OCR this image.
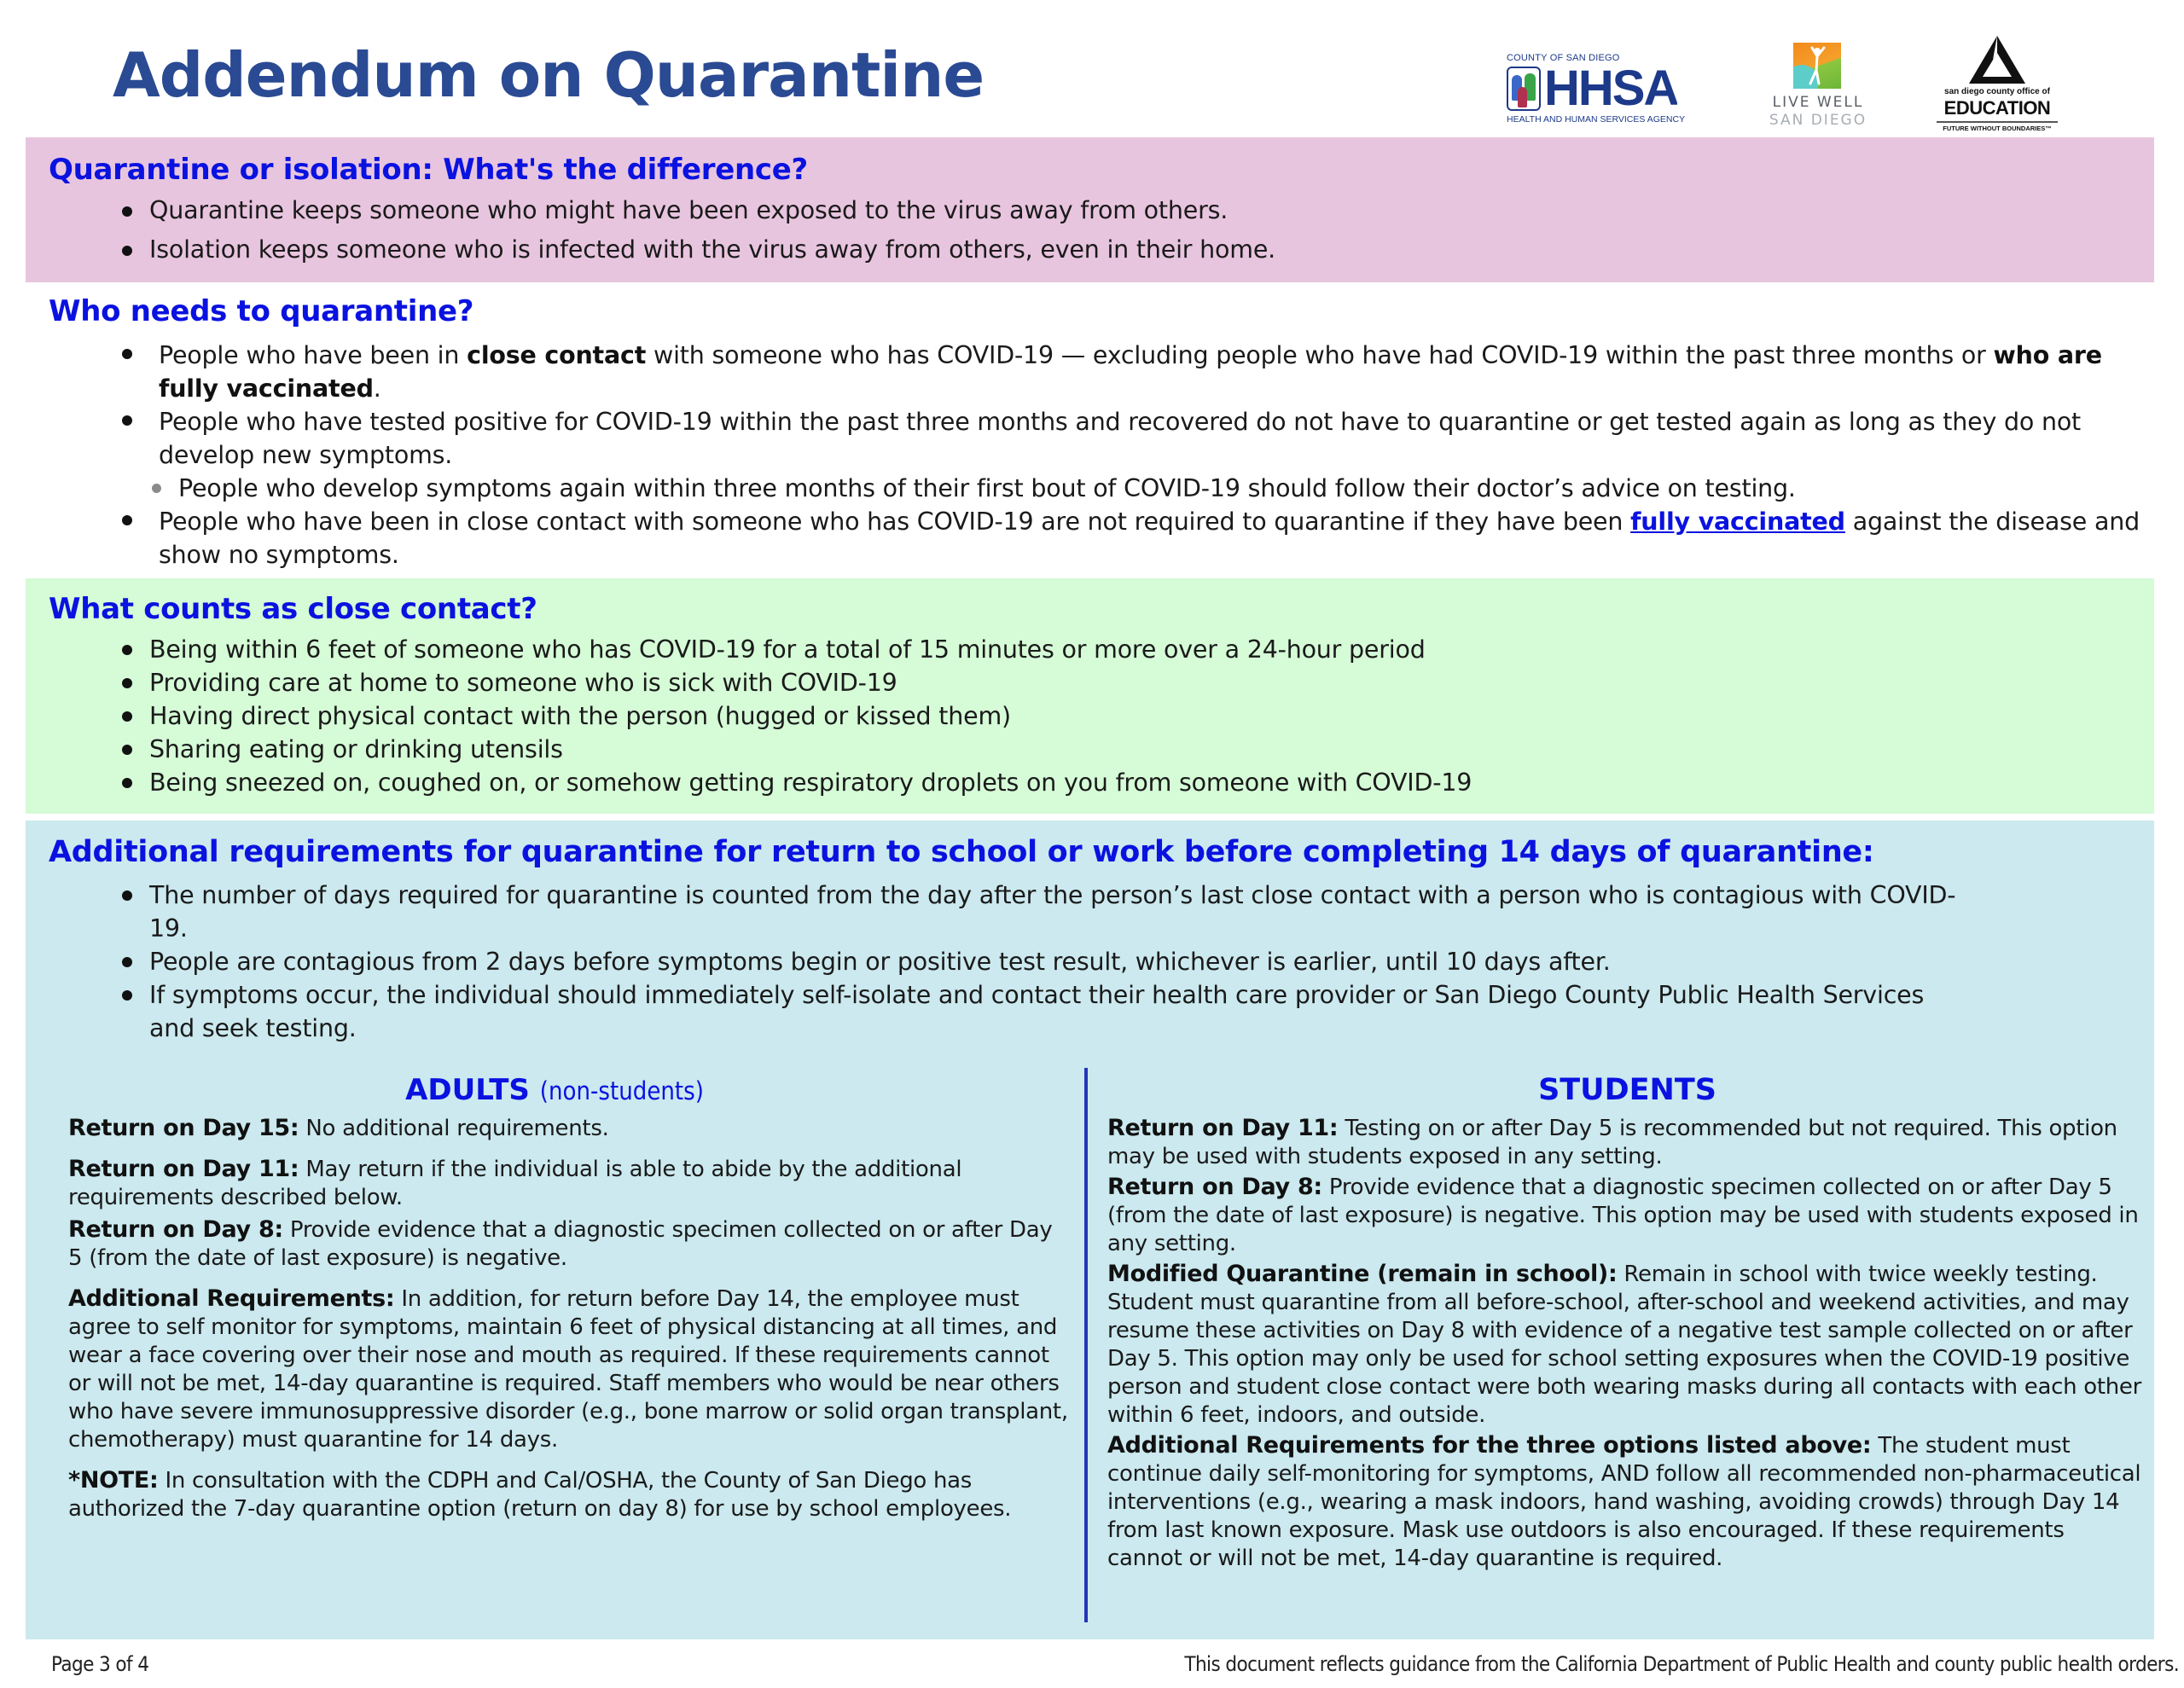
Addendum on Quarantine	COUNTY OF SAN DIEGO
HHSA
HEALTH AND HUMAN SERVICES AGENCY
LIVE WELL
SAN DIEGO
san diego county office of
EDUCATION
FUTURE WITHOUT BOUNDARIES™
Quarantine or isolation: What's the difference?
Quarantine keeps someone who might have been exposed to the virus away from others.
Isolation keeps someone who is infected with the virus away from others, even in their home.
Who needs to quarantine?
People who have been in close contact with someone who has COVID-19 — excluding people who have had COVID-19 within the past three months or who are fully vaccinated.
People who have tested positive for COVID-19 within the past three months and recovered do not have to quarantine or get tested again as long as they do not develop new symptoms.
People who develop symptoms again within three months of their first bout of COVID-19 should follow their doctor’s advice on testing.
People who have been in close contact with someone who has COVID-19 are not required to quarantine if they have been fully vaccinated against the disease and show no symptoms.
What counts as close contact?
Being within 6 feet of someone who has COVID-19 for a total of 15 minutes or more over a 24-hour period
Providing care at home to someone who is sick with COVID-19
Having direct physical contact with the person (hugged or kissed them)
Sharing eating or drinking utensils
Being sneezed on, coughed on, or somehow getting respiratory droplets on you from someone with COVID-19
Additional requirements for quarantine for return to school or work before completing 14 days of quarantine:
The number of days required for quarantine is counted from the day after the person’s last close contact with a person who is contagious with COVID-19.
People are contagious from 2 days before symptoms begin or positive test result, whichever is earlier, until 10 days after.
If symptoms occur, the individual should immediately self-isolate and contact their health care provider or San Diego County Public Health Services and seek testing.
ADULTS (non-students)	STUDENTS

Return on Day 15: No additional requirements.

Return on Day 11: May return if the individual is able to abide by the additional requirements described below.

Return on Day 8: Provide evidence that a diagnostic specimen collected on or after Day 5 (from the date of last exposure) is negative.

Additional Requirements: In addition, for return before Day 14, the employee must agree to self monitor for symptoms, maintain 6 feet of physical distancing at all times, and wear a face covering over their nose and mouth as required. If these requirements cannot or will not be met, 14-day quarantine is required. Staff members who would be near others who have severe immunosuppressive disorder (e.g., bone marrow or solid organ transplant, chemotherapy) must quarantine for 14 days.

*NOTE: In consultation with the CDPH and Cal/OSHA, the County of San Diego has authorized the 7-day quarantine option (return on day 8) for use by school employees.

Return on Day 11: Testing on or after Day 5 is recommended but not required. This option may be used with students exposed in any setting.

Return on Day 8: Provide evidence that a diagnostic specimen collected on or after Day 5 (from the date of last exposure) is negative. This option may be used with students exposed in any setting.

Modified Quarantine (remain in school): Remain in school with twice weekly testing. Student must quarantine from all before-school, after-school and weekend activities, and may resume these activities on Day 8 with evidence of a negative test sample collected on or after Day 5. This option may only be used for school setting exposures when the COVID-19 positive person and student close contact were both wearing masks during all contacts with each other within 6 feet, indoors, and outside.

Additional Requirements for the three options listed above: The student must continue daily self-monitoring for symptoms, AND follow all recommended non-pharmaceutical interventions (e.g., wearing a mask indoors, hand washing, avoiding crowds) through Day 14 from last known exposure. Mask use outdoors is also encouraged. If these requirements cannot or will not be met, 14-day quarantine is required.

Page 3 of 4	This document reflects guidance from the California Department of Public Health and county public health orders.
